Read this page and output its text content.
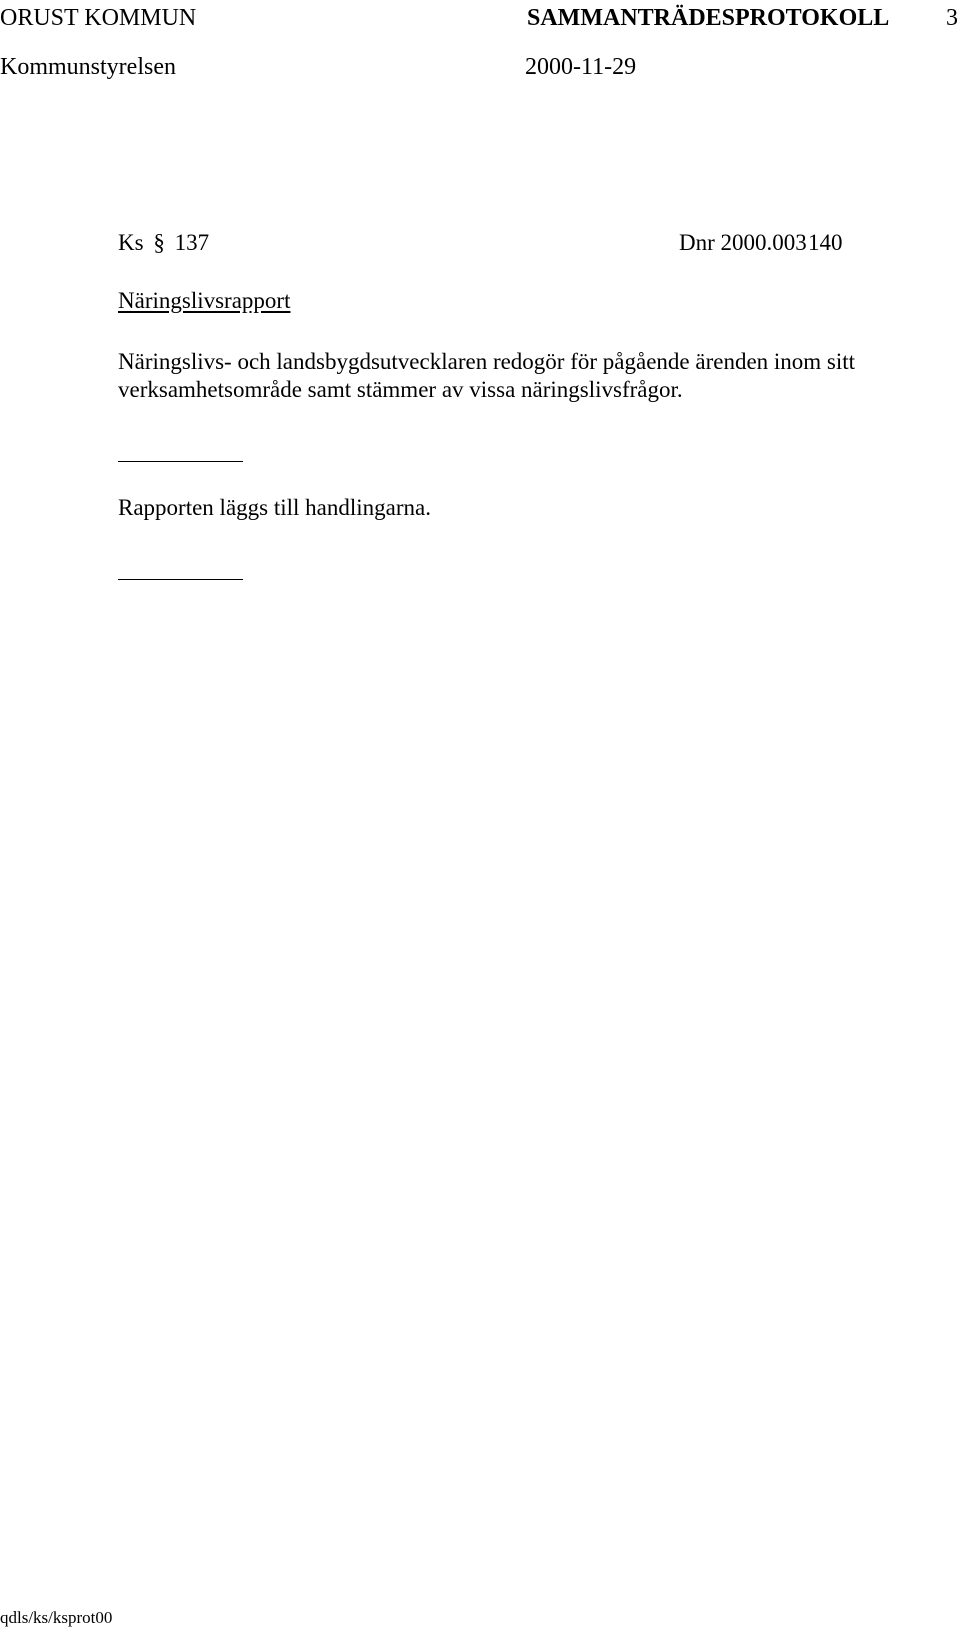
ORUST KOMMUN	SAMMANTRÄDESPROTOKOLL 3
Kommunstyrelsen	2000-11-29
Ks § 137	Dnr 2000.003 140
Näringslivsrapport
Näringslivs- och landsbygdsutvecklaren redogör för pågående ärenden inom sitt
verksamhetsområde samt stämmer av vissa näringslivsfrågor.
Rapporten läggs till handlingarna.
qdls/ks/ksprot00
